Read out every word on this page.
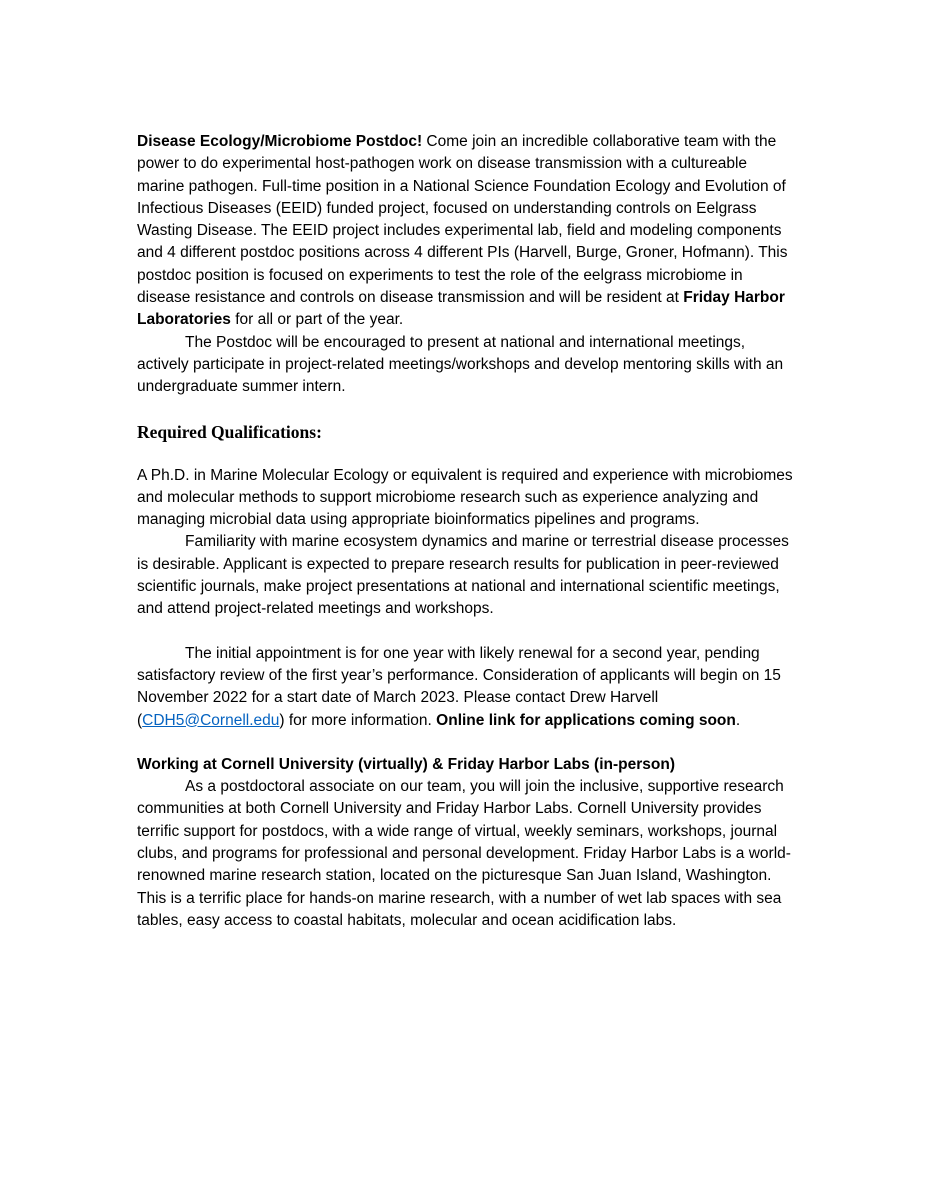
Disease Ecology/Microbiome Postdoc! Come join an incredible collaborative team with the power to do experimental host-pathogen work on disease transmission with a cultureable marine pathogen. Full-time position in a National Science Foundation Ecology and Evolution of Infectious Diseases (EEID) funded project, focused on understanding controls on Eelgrass Wasting Disease. The EEID project includes experimental lab, field and modeling components and 4 different postdoc positions across 4 different PIs (Harvell, Burge, Groner, Hofmann). This postdoc position is focused on experiments to test the role of the eelgrass microbiome in disease resistance and controls on disease transmission and will be resident at Friday Harbor Laboratories for all or part of the year.

The Postdoc will be encouraged to present at national and international meetings, actively participate in project-related meetings/workshops and develop mentoring skills with an undergraduate summer intern.

Required Qualifications:

A Ph.D. in Marine Molecular Ecology or equivalent is required and experience with microbiomes and molecular methods to support microbiome research such as experience analyzing and managing microbial data using appropriate bioinformatics pipelines and programs.

Familiarity with marine ecosystem dynamics and marine or terrestrial disease processes is desirable. Applicant is expected to prepare research results for publication in peer-reviewed scientific journals, make project presentations at national and international scientific meetings, and attend project-related meetings and workshops.

The initial appointment is for one year with likely renewal for a second year, pending satisfactory review of the first year’s performance. Consideration of applicants will begin on 15 November 2022 for a start date of March 2023. Please contact Drew Harvell (CDH5@Cornell.edu) for more information. Online link for applications coming soon.

Working at Cornell University (virtually) & Friday Harbor Labs (in-person)

As a postdoctoral associate on our team, you will join the inclusive, supportive research communities at both Cornell University and Friday Harbor Labs. Cornell University provides terrific support for postdocs, with a wide range of virtual, weekly seminars, workshops, journal clubs, and programs for professional and personal development. Friday Harbor Labs is a world-renowned marine research station, located on the picturesque San Juan Island, Washington. This is a terrific place for hands-on marine research, with a number of wet lab spaces with sea tables, easy access to coastal habitats, molecular and ocean acidification labs.
